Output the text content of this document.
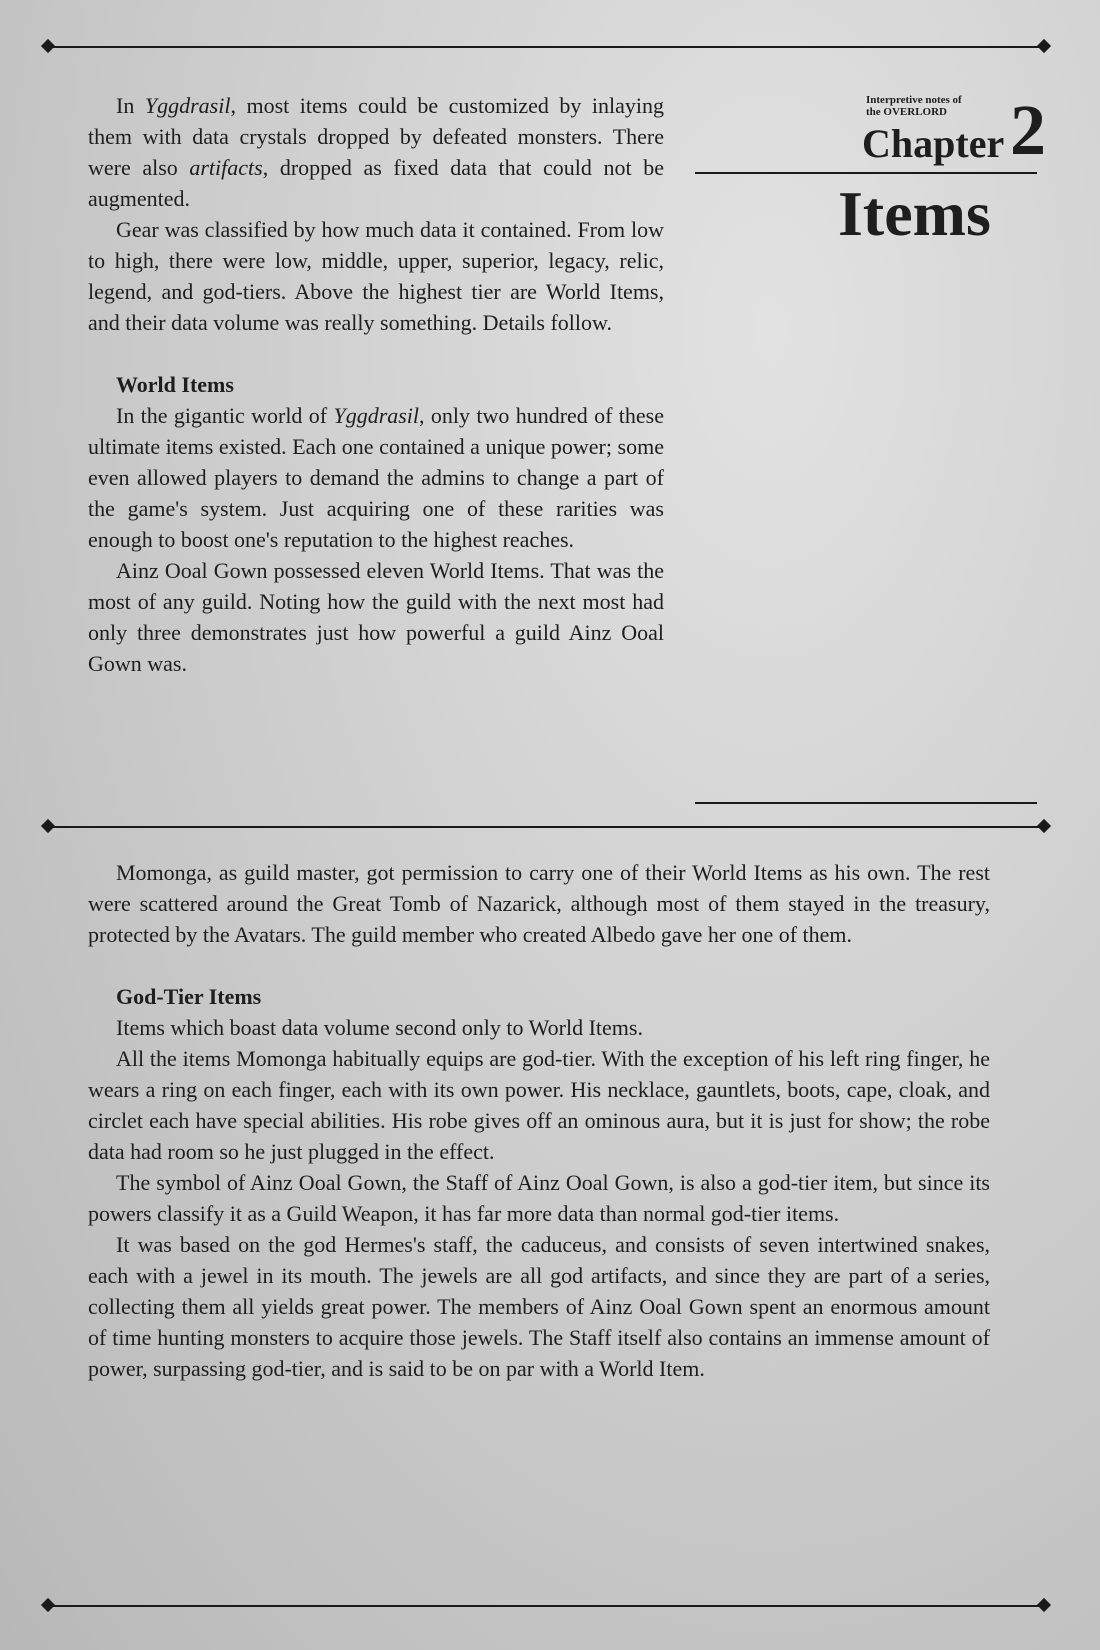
In Yggdrasil, most items could be customized by inlaying them with data crystals dropped by defeated monsters. There were also artifacts, dropped as fixed data that could not be augmented.

Gear was classified by how much data it contained. From low to high, there were low, middle, upper, superior, legacy, relic, legend, and god-tiers. Above the highest tier are World Items, and their data volume was really something. Details follow.

World Items

In the gigantic world of Yggdrasil, only two hundred of these ultimate items existed. Each one contained a unique power; some even allowed players to demand the admins to change a part of the game's system. Just acquiring one of these rarities was enough to boost one's reputation to the highest reaches.

Ainz Ooal Gown possessed eleven World Items. That was the most of any guild. Noting how the guild with the next most had only three demonstrates just how powerful a guild Ainz Ooal Gown was.

Interpretive notes of
the OVERLORD
Chapter 2
Items

Momonga, as guild master, got permission to carry one of their World Items as his own. The rest were scattered around the Great Tomb of Nazarick, although most of them stayed in the treasury, protected by the Avatars. The guild member who created Albedo gave her one of them.

God-Tier Items

Items which boast data volume second only to World Items.

All the items Momonga habitually equips are god-tier. With the exception of his left ring finger, he wears a ring on each finger, each with its own power. His necklace, gauntlets, boots, cape, cloak, and circlet each have special abilities. His robe gives off an ominous aura, but it is just for show; the robe data had room so he just plugged in the effect.

The symbol of Ainz Ooal Gown, the Staff of Ainz Ooal Gown, is also a god-tier item, but since its powers classify it as a Guild Weapon, it has far more data than normal god-tier items.

It was based on the god Hermes's staff, the caduceus, and consists of seven intertwined snakes, each with a jewel in its mouth. The jewels are all god artifacts, and since they are part of a series, collecting them all yields great power. The members of Ainz Ooal Gown spent an enormous amount of time hunting monsters to acquire those jewels. The Staff itself also contains an immense amount of power, surpassing god-tier, and is said to be on par with a World Item.
